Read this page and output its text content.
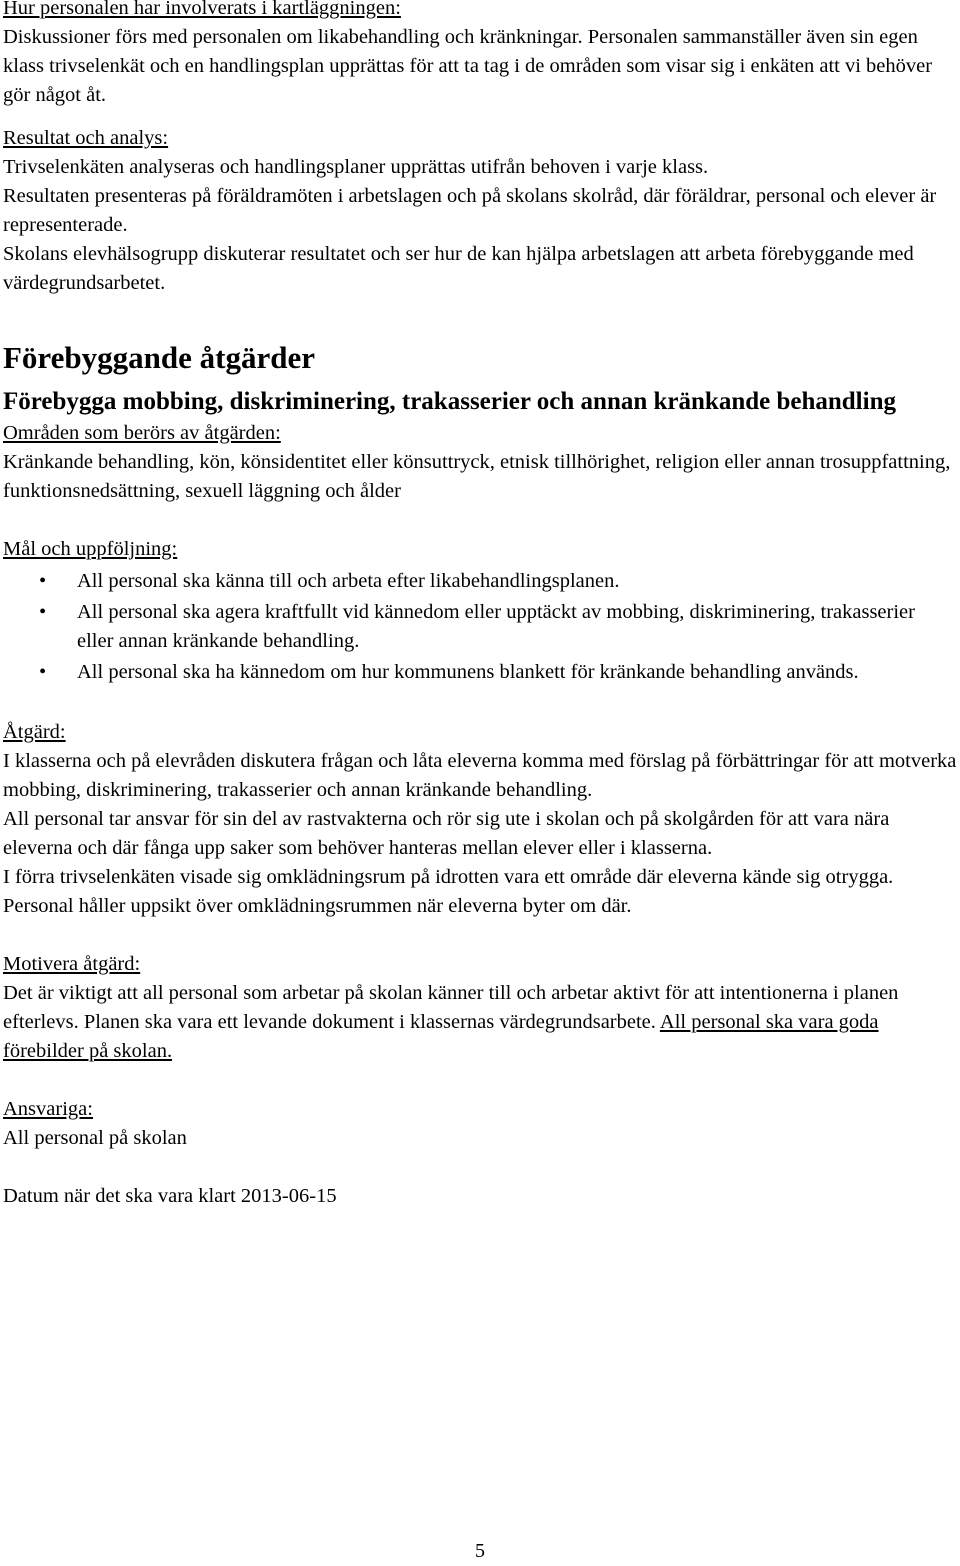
Hur personalen har involverats i kartläggningen:

Diskussioner förs med personalen om likabehandling och kränkningar. Personalen sammanställer även sin egen klass trivselenkät och en handlingsplan upprättas för att ta tag i de områden som visar sig i enkäten att vi behöver gör något åt.

Resultat och analys:

Trivselenkäten analyseras och handlingsplaner upprättas utifrån behoven i varje klass.

Resultaten presenteras på föräldramöten i arbetslagen och på skolans skolråd, där föräldrar, personal och elever är representerade.

Skolans elevhälsogrupp diskuterar resultatet och ser hur de kan hjälpa arbetslagen att arbeta förebyggande med värdegrundsarbetet.

Förebyggande åtgärder
Förebygga mobbing, diskriminering, trakasserier och annan kränkande behandling
Områden som berörs av åtgärden:

Kränkande behandling, kön, könsidentitet eller könsuttryck, etnisk tillhörighet, religion eller annan trosuppfattning, funktionsnedsättning, sexuell läggning och ålder

Mål och uppföljning:
• All personal ska känna till och arbeta efter likabehandlingsplanen.
• All personal ska agera kraftfullt vid kännedom eller upptäckt av mobbing, diskriminering, trakasserier eller annan kränkande behandling.
• All personal ska ha kännedom om hur kommunens blankett för kränkande behandling används.
Åtgärd:

I klasserna och på elevråden diskutera frågan och låta eleverna komma med förslag på förbättringar för att motverka mobbing, diskriminering, trakasserier och annan kränkande behandling.

All personal tar ansvar för sin del av rastvakterna och rör sig ute i skolan och på skolgården för att vara nära eleverna och där fånga upp saker som behöver hanteras mellan elever eller i klasserna.

I förra trivselenkäten visade sig omklädningsrum på idrotten vara ett område där eleverna kände sig otrygga. Personal håller uppsikt över omklädningsrummen när eleverna byter om där.

Motivera åtgärd:

Det är viktigt att all personal som arbetar på skolan känner till och arbetar aktivt för att intentionerna i planen efterlevs. Planen ska vara ett levande dokument i klassernas värdegrundsarbete. All personal ska vara goda förebilder på skolan.

Ansvariga:

All personal på skolan

Datum när det ska vara klart 2013-06-15

5
